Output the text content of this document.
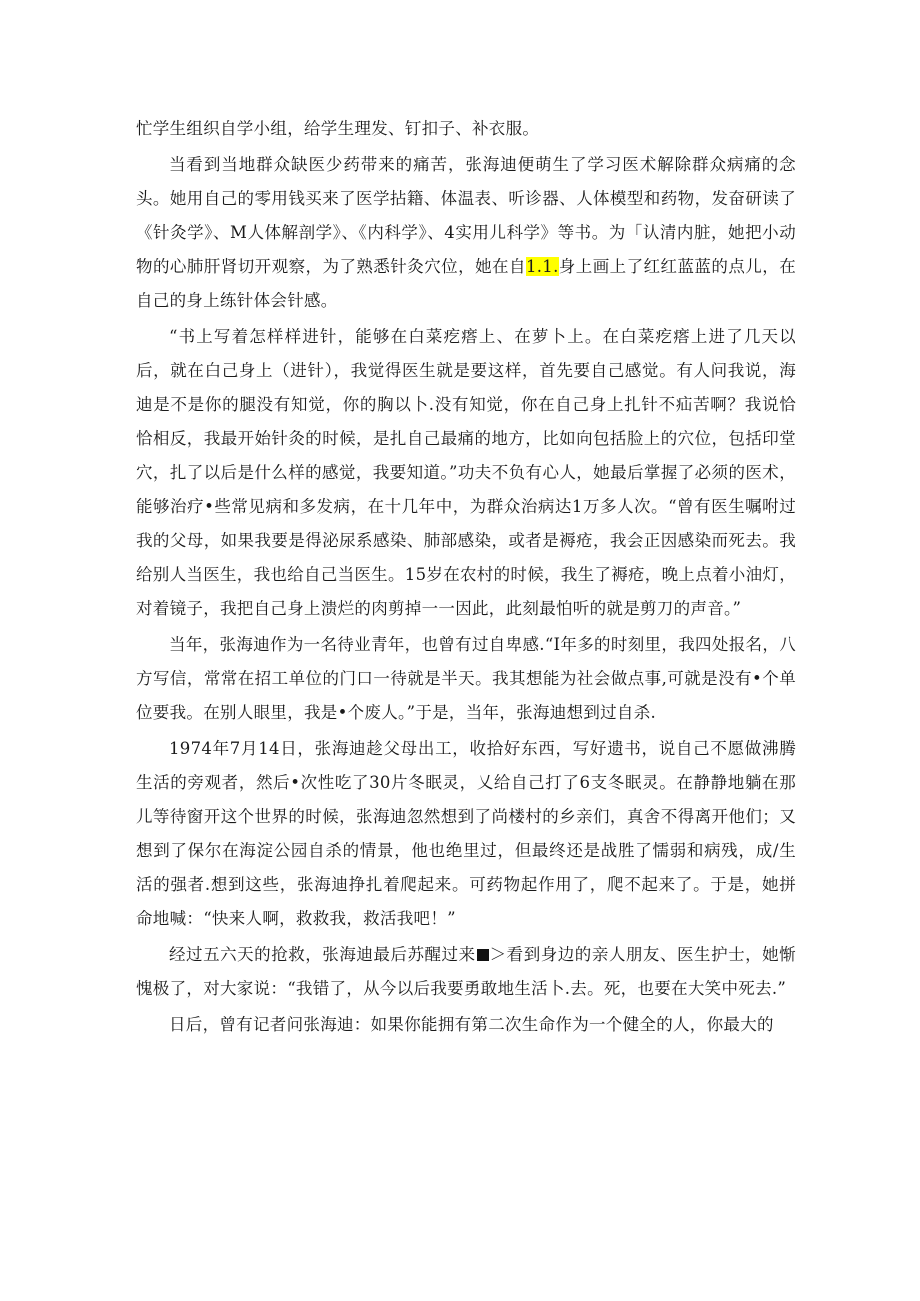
忙学生组织自学小组，给学生理发、钉扣子、补衣服。

当看到当地群众缺医少药带来的痛苦，张海迪便萌生了学习医术解除群众病痛的念头。她用自己的零用钱买来了医学拈籍、体温表、听诊器、人体模型和药物，发奋研读了《针灸学》、M人体解剖学》、《内科学》、4实用儿科学》等书。为「认清内脏，她把小动物的心肺肝肾切开观察，为了熟悉针灸穴位，她在自1.1.身上画上了红红蓝蓝的点儿，在自己的身上练针体会针感。

“书上写着怎样样进针，能够在白菜疙瘩上、在萝卜上。在白菜疙瘩上进了几天以后，就在白己身上（进针），我觉得医生就是要这样，首先要自己感觉。有人问我说，海迪是不是你的腿没有知觉，你的胸以卜.没有知觉，你在自己身上扎针不疝苦啊？我说恰恰相反，我最开始针灸的时候，是扎自己最痛的地方，比如向包括脸上的穴位，包括印堂穴，扎了以后是什么样的感觉，我要知道。”功夫不负有心人，她最后掌握了必须的医术，能够治疗•些常见病和多发病，在十几年中，为群众治病达1万多人次。“曾有医生嘱咐过我的父母，如果我要是得泌尿系感染、肺部感染，或者是褥疮，我会正因感染而死去。我给别人当医生，我也给自己当医生。15岁在农村的时候，我生了褥疮，晚上点着小油灯，对着镜子，我把自己身上溃烂的肉剪掉一一因此，此刻最怕听的就是剪刀的声音。”

当年，张海迪作为一名待业青年，也曾有过自卑感.“I年多的时刻里，我四处报名，八方写信，常常在招工单位的门口一待就是半天。我其想能为社会做点事,可就是没有•个单位要我。在别人眼里，我是•个废人。”于是，当年，张海迪想到过自杀.

1974年7月14日，张海迪趁父母出工，收拾好东西，写好遗书，说自己不愿做沸腾生活的旁观者，然后•次性吃了30片冬眠灵，乂给自己打了6支冬眠灵。在静静地躺在那儿等待窗开这个世界的时候，张海迪忽然想到了尚楼村的乡亲们，真舍不得离开他们；又想到了保尔在海淀公园自杀的情景，他也绝里过，但最终还是战胜了懦弱和病残，成/生活的强者.想到这些，张海迪挣扎着爬起来。可药物起作用了，爬不起来了。于是，她拼命地喊：“快来人啊，救救我，救活我吧！”

经过五六天的抢救，张海迪最后苏醒过来 ＞看到身边的亲人朋友、医生护士，她惭愧极了，对大家说：“我错了，从今以后我要勇敢地生活卜.去。死，也要在大笑中死去.”

日后，曾有记者问张海迪：如果你能拥有第二次生命作为一个健全的人，你最大的
